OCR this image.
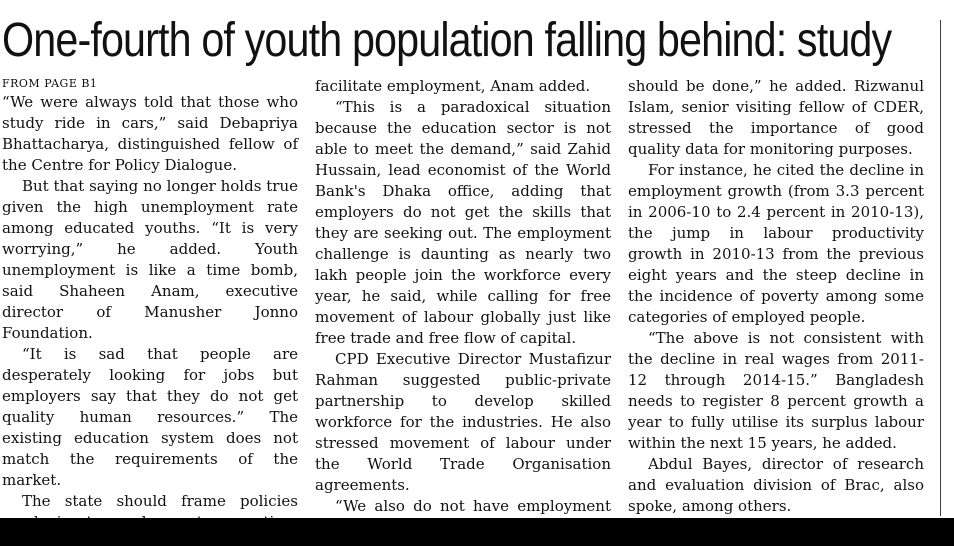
One-fourth of youth population falling behind: study
FROM PAGE B1

“We were always told that those who study ride in cars,” said Debapriya Bhattacharya, distinguished fellow of the Centre for Policy Dialogue.

But that saying no longer holds true given the high unemployment rate among educated youths. “It is very worrying,” he added. Youth unemployment is like a time bomb, said Shaheen Anam, executive director of Manusher Jonno Foundation.

“It is sad that people are desperately looking for jobs but employers say that they do not get quality human resources.” The existing education system does not match the requirements of the market.

The state should frame policies

facilitate employment, Anam added.

“This is a paradoxical situation because the education sector is not able to meet the demand,” said Zahid Hussain, lead economist of the World Bank's Dhaka office, adding that employers do not get the skills that they are seeking out. The employment challenge is daunting as nearly two lakh people join the workforce every year, he said, while calling for free movement of labour globally just like free trade and free flow of capital.

CPD Executive Director Mustafizur Rahman suggested public-private partnership to develop skilled workforce for the industries. He also stressed movement of labour under the World Trade Organisation agreements.

“We also do not have employment

should be done,” he added. Rizwanul Islam, senior visiting fellow of CDER, stressed the importance of good quality data for monitoring purposes.

For instance, he cited the decline in employment growth (from 3.3 percent in 2006-10 to 2.4 percent in 2010-13), the jump in labour productivity growth in 2010-13 from the previous eight years and the steep decline in the incidence of poverty among some categories of employed people.

“The above is not consistent with the decline in real wages from 2011-12 through 2014-15.” Bangladesh needs to register 8 percent growth a year to fully utilise its surplus labour within the next 15 years, he added.

Abdul Bayes, director of research and evaluation division of Brac, also spoke, among others.
